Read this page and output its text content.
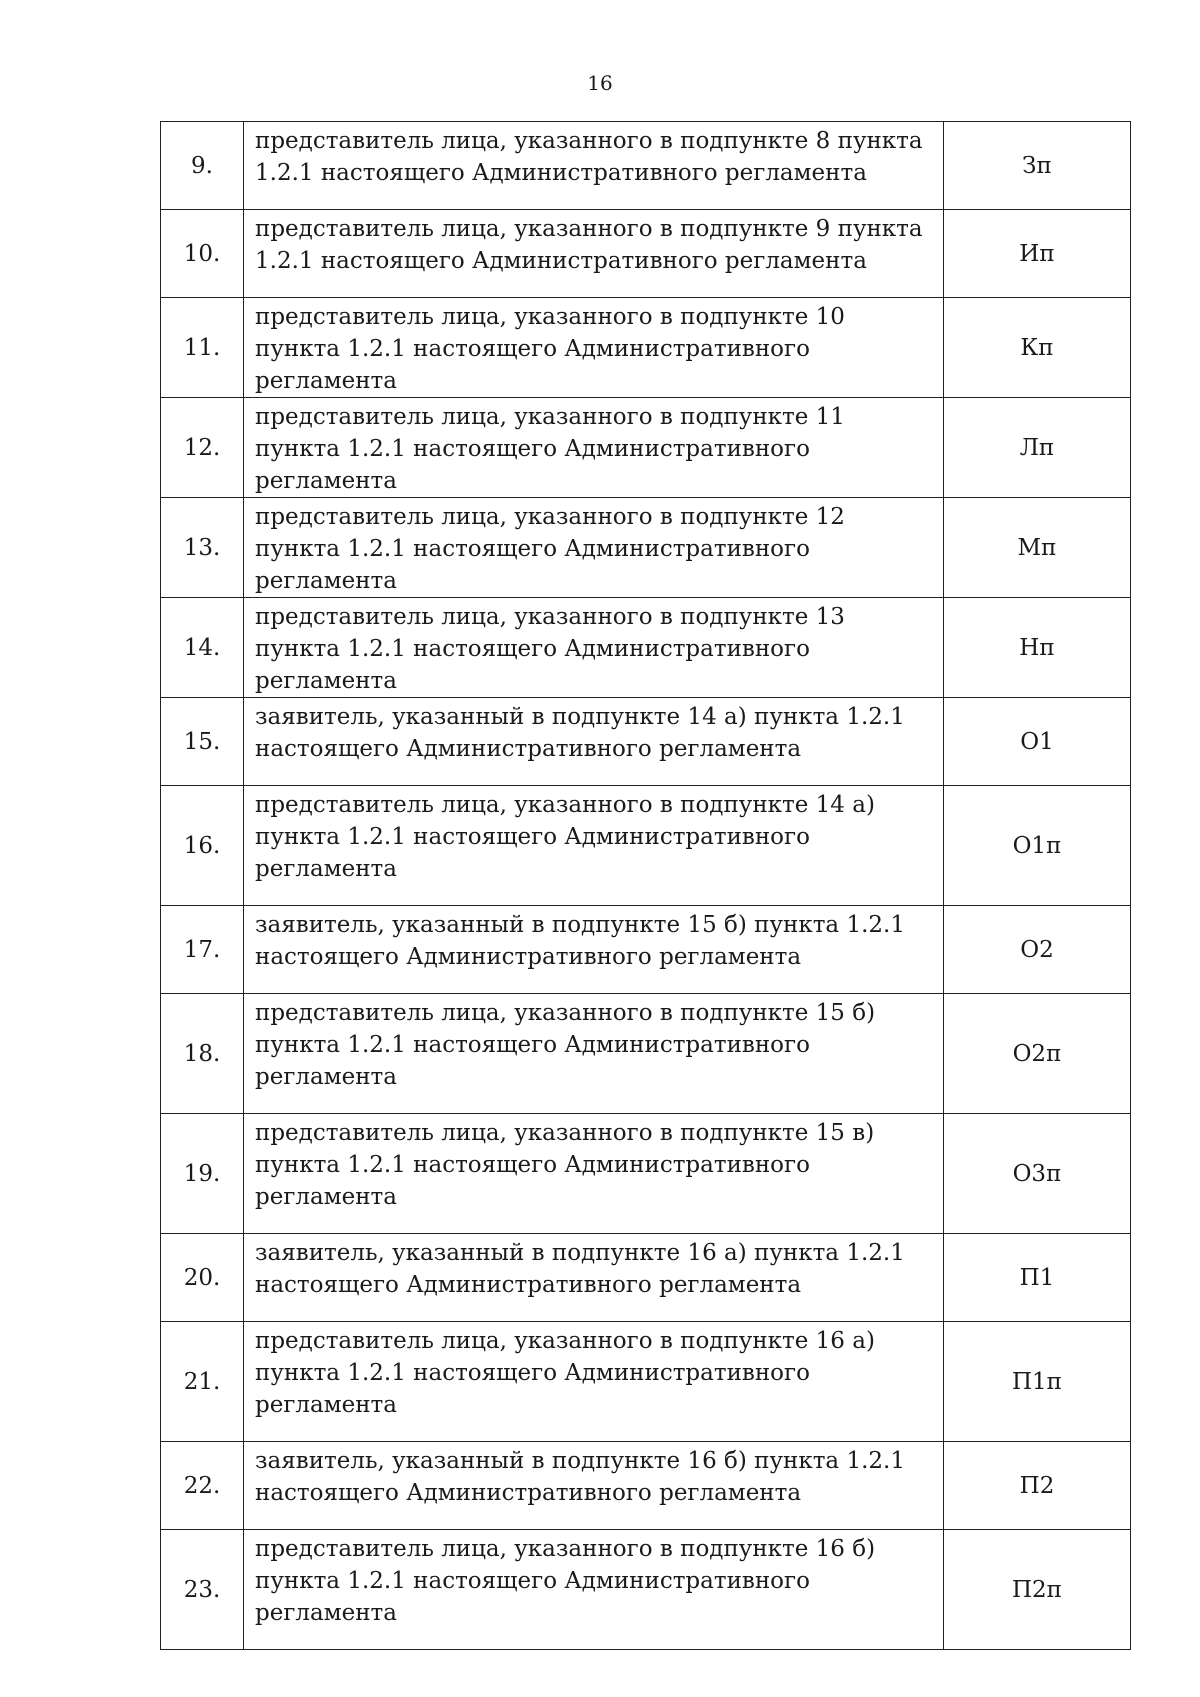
16
9.	представитель лица, указанного в подпункте 8 пункта 1.2.1 настоящего Административного регламента	Зп
10.	представитель лица, указанного в подпункте 9 пункта 1.2.1 настоящего Административного регламента	Ип
11.	представитель лица, указанного в подпункте 10 пункта 1.2.1 настоящего Административного регламента	Кп
12.	представитель лица, указанного в подпункте 11 пункта 1.2.1 настоящего Административного регламента	Лп
13.	представитель лица, указанного в подпункте 12 пункта 1.2.1 настоящего Административного регламента	Мп
14.	представитель лица, указанного в подпункте 13 пункта 1.2.1 настоящего Административного регламента	Нп
15.	заявитель, указанный в подпункте 14 а) пункта 1.2.1 настоящего Административного регламента	О1
16.	представитель лица, указанного в подпункте 14 а) пункта 1.2.1 настоящего Административного регламента	О1п
17.	заявитель, указанный в подпункте 15 б) пункта 1.2.1 настоящего Административного регламента	О2
18.	представитель лица, указанного в подпункте 15 б) пункта 1.2.1 настоящего Административного регламента	О2п
19.	представитель лица, указанного в подпункте 15 в) пункта 1.2.1 настоящего Административного регламента	О3п
20.	заявитель, указанный в подпункте 16 а) пункта 1.2.1 настоящего Административного регламента	П1
21.	представитель лица, указанного в подпункте 16 а) пункта 1.2.1 настоящего Административного регламента	П1п
22.	заявитель, указанный в подпункте 16 б) пункта 1.2.1 настоящего Административного регламента	П2
23.	представитель лица, указанного в подпункте 16 б) пункта 1.2.1 настоящего Административного регламента	П2п
